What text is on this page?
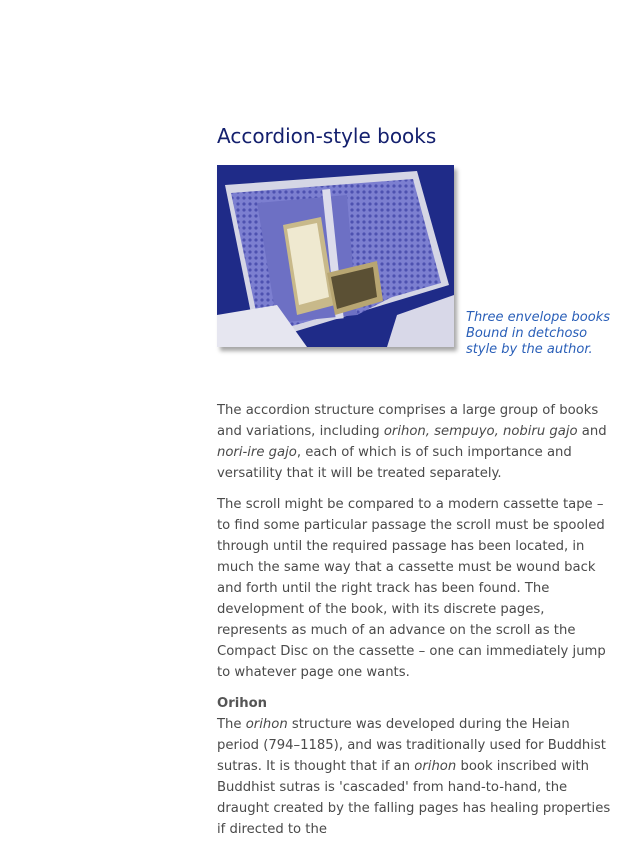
Accordion-style books
Three envelope books
Bound in detchoso
style by the author.

The accordion structure comprises a large group of books and variations, including orihon, sempuyo, nobiru gajo and nori-ire gajo, each of which is of such importance and versatility that it will be treated separately.

The scroll might be compared to a modern cassette tape – to find some particular passage the scroll must be spooled through until the required passage has been located, in much the same way that a cassette must be wound back and forth until the right track has been found. The development of the book, with its discrete pages, represents as much of an advance on the scroll as the Compact Disc on the cassette – one can immediately jump to whatever page one wants.

Orihon

The orihon structure was developed during the Heian period (794–1185), and was traditionally used for Buddhist sutras. It is thought that if an orihon book inscribed with Buddhist sutras is 'cascaded' from hand-to-hand, the draught created by the falling pages has healing properties if directed to the
